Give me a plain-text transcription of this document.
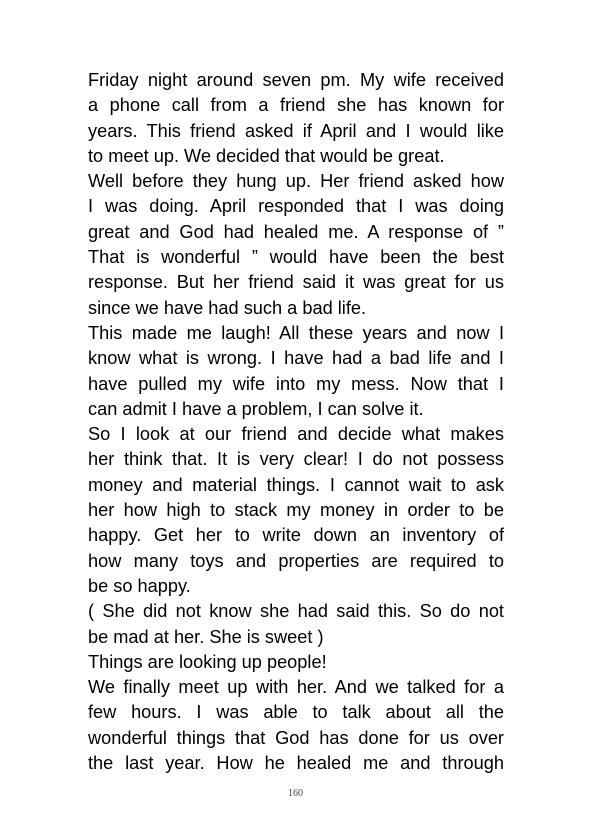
Friday night around seven pm. My wife received
a phone call from a friend she has known for
years. This friend asked if April and I would like
to meet up. We decided that would be great.
Well before they hung up. Her friend asked how
I was doing. April responded that I was doing
great and God had healed me. A response of ”
That is wonderful ” would have been the best
response. But her friend said it was great for us
since we have had such a bad life.
This made me laugh! All these years and now I
know what is wrong. I have had a bad life and I
have pulled my wife into my mess. Now that I
can admit I have a problem, I can solve it.
So I look at our friend and decide what makes
her think that. It is very clear! I do not possess
money and material things. I cannot wait to ask
her how high to stack my money in order to be
happy. Get her to write down an inventory of
how many toys and properties are required to
be so happy.
( She did not know she had said this. So do not
be mad at her. She is sweet )
Things are looking up people!
We finally meet up with her. And we talked for a
few hours. I was able to talk about all the
wonderful things that God has done for us over
the last year. How he healed me and through
160
